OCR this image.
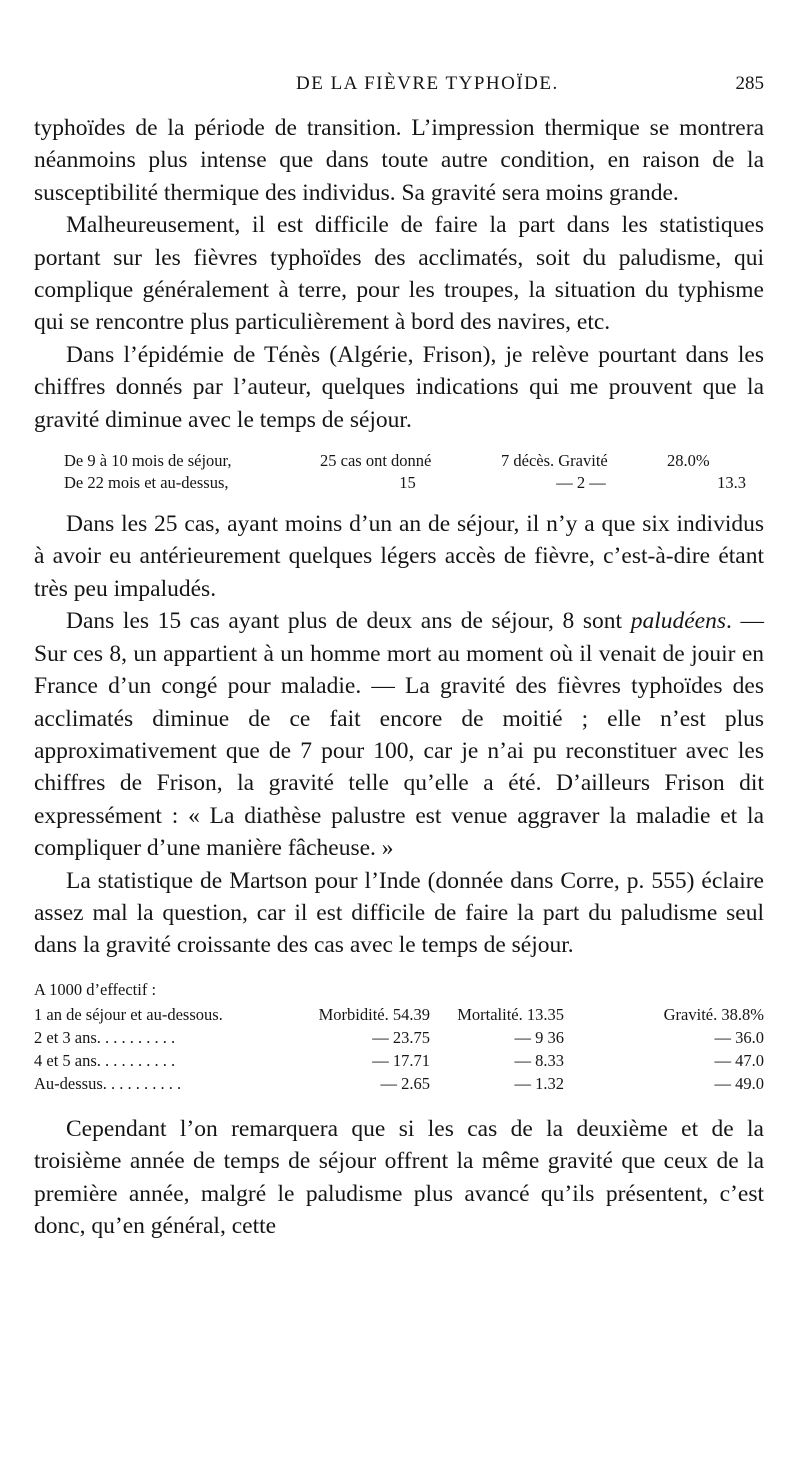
DE LA FIÈVRE TYPHOÏDE.	285

typhoïdes de la période de transition. L’impression thermique se montrera néanmoins plus intense que dans toute autre condition, en raison de la susceptibilité thermique des individus. Sa gravité sera moins grande.

Malheureusement, il est difficile de faire la part dans les statistiques portant sur les fièvres typhoïdes des acclimatés, soit du paludisme, qui complique généralement à terre, pour les troupes, la situation du typhisme qui se rencontre plus particulièrement à bord des navires, etc.

Dans l’épidémie de Ténès (Algérie, Frison), je relève pourtant dans les chiffres donnés par l’auteur, quelques indications qui me prouvent que la gravité diminue avec le temps de séjour.

De 9 à 10 mois de séjour,	25 cas ont donné	7 décès. Gravité	28.0%
De 22 mois et au-dessus,	15	— 2 —	13.3

Dans les 25 cas, ayant moins d’un an de séjour, il n’y a que six individus à avoir eu antérieurement quelques légers accès de fièvre, c’est-à-dire étant très peu impaludés.

Dans les 15 cas ayant plus de deux ans de séjour, 8 sont paludéens. — Sur ces 8, un appartient à un homme mort au moment où il venait de jouir en France d’un congé pour maladie. — La gravité des fièvres typhoïdes des acclimatés diminue de ce fait encore de moitié ; elle n’est plus approximativement que de 7 pour 100, car je n’ai pu reconstituer avec les chiffres de Frison, la gravité telle qu’elle a été. D’ailleurs Frison dit expressément : « La diathèse palustre est venue aggraver la maladie et la compliquer d’une manière fâcheuse. »

La statistique de Martson pour l’Inde (donnée dans Corre, p. 555) éclaire assez mal la question, car il est difficile de faire la part du paludisme seul dans la gravité croissante des cas avec le temps de séjour.

A 1000 d’effectif :
1 an de séjour et au-dessous.	Morbidité. 54.39	Mortalité. 13.35	Gravité. 38.8%
2 et 3 ans. . . . . . . . . .	— 23.75	— 9 36	— 36.0
4 et 5 ans. . . . . . . . . .	— 17.71	— 8.33	— 47.0
Au-dessus. . . . . . . . . .	— 2.65	— 1.32	— 49.0

Cependant l’on remarquera que si les cas de la deuxième et de la troisième année de temps de séjour offrent la même gravité que ceux de la première année, malgré le paludisme plus avancé qu’ils présentent, c’est donc, qu’en général, cette
